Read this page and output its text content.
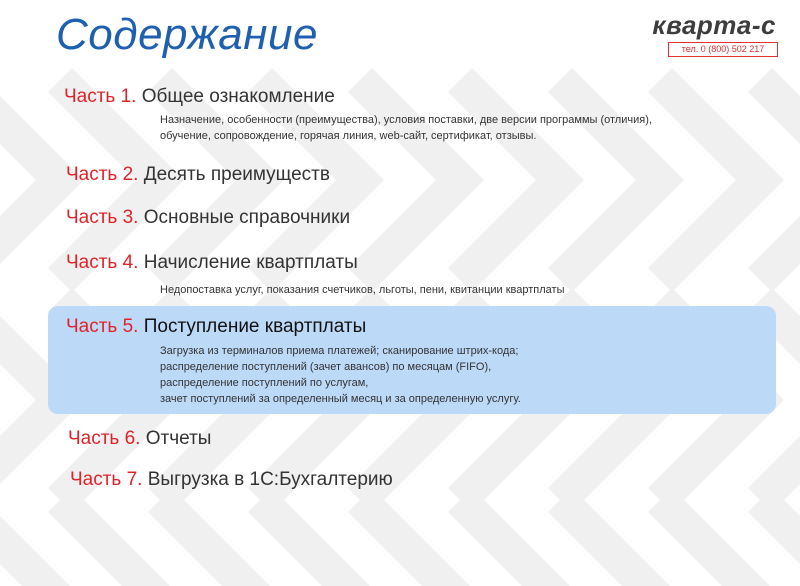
Содержание	кварта-с
тел. 0 (800) 502 217
Часть 1. Общее ознакомление
Назначение, особенности (преимущества), условия поставки, две версии программы (отличия),
обучение, сопровождение, горячая линия, web-сайт, сертификат, отзывы.
Часть 2. Десять преимуществ
Часть 3. Основные справочники
Часть 4. Начисление квартплаты
Недопоставка услуг, показания счетчиков, льготы, пени, квитанции квартплаты
Часть 5. Поступление квартплаты
Загрузка из терминалов приема платежей; сканирование штрих-кода;
распределение поступлений (зачет авансов) по месяцам (FIFO),
распределение поступлений по услугам,
зачет поступлений за определенный месяц и за определенную услугу.
Часть 6. Отчеты
Часть 7. Выгрузка в 1С:Бухгалтерию
